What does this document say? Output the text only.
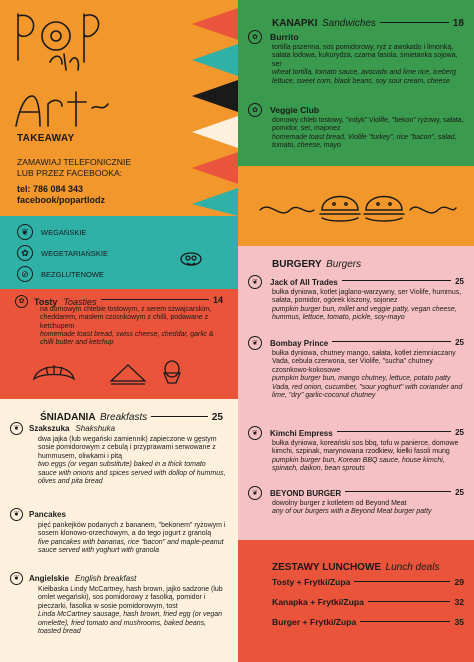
TAKEAWAY
ZAMAWIAJ TELEFONICZNIE
LUB PRZEZ FACEBOOKA:
tel: 786 084 343
facebook/popartlodz
❦	WEGAŃSKIE
✿	WEGETARIAŃSKIE
⊘	BEZGLUTENOWE
✿	Tosty Toasties	14

na domowym chlebie tostowym, z serem szwajcarskim, cheddarem, masłem czosnkowym z chilli, podawane z ketchupem

homemade toast bread, swiss cheese, cheddar, garlic & chilli butter and ketchup

ŚNIADANIA Breakfasts	25
❦	Szakszuka Shakshuka

dwa jajka (lub wegański zamiennik) zapieczone w gęstym sosie pomidorowym z cebulą i przyprawami serwowane z hummusem, oliwkami i pitą

two eggs (or vegan substitute) baked in a thick tomato sauce with onions and spices served with dollop of hummus, olives and pita bread

❦	Pancakes

pięć pankejków podanych z bananem, "bekonem" ryżowym i sosem klonowo-orzechowym, a do tego jogurt z granolą

five pancakes with bananas, rice "bacon" and maple-peanut sauce served with yoghurt with granola

❦	Angielskie English breakfast

Kiełbaska Lindy McCartney, hash brown, jajko sadzone (lub omlet wegański), sos pomidorowy z fasolką, pomidor i pieczarki, fasolka w sosie pomidorowym, tost

Linda McCartney sausage, hash brown, fried egg (or vegan omelette), fried tomato and mushrooms, baked beans, toasted bread

KANAPKI Sandwiches	18
✿	Burrito

tortilla pszenna, sos pomidorowy, ryż z awokado i limonką, sałata lodowa, kukurydza, czarna fasola, śmietanka sojowa, ser

wheat tortilla, tomato sauce, avocado and lime rice, iceberg lettuce, sweet corn, black beans, soy sour cream, cheese

✿	Veggie Club

domowy chleb tostowy, "indyk" Violife, "bekon" ryżowy, sałata, pomidor, ser, majonez

homemade toast bread, Violife "turkey", rice "bacon", salad, tomato, cheese, mayo

BURGERY Burgers
❦	Jack of All Trades	25

bułka dyniowa, kotlet jaglano-warzywny, ser Violife, hummus, sałata, pomidor, ogórek kiszony, sojonez

pumpkin burger bun, millet and veggie patty, vegan cheese, hummus, lettuce, tomato, pickle, soy-mayo

❦	Bombay Prince	25

bułka dyniowa, chutney mango, sałata, kotlet ziemniaczany Vada, cebula czerwona, ser Violife, "sucha" chutney czosnkowo-kokosowe

pumpkin burger bun, mango chutney, lettuce, potato patty Vada, red onion, cucumber, "sour yoghurt" with coriander and lime, "dry" garlic-coconut chutney

❦	Kimchi Empress	25

bułka dyniowa, koreański sos bbq, tofu w panierce, domowe kimchi, szpinak, marynowana rzodkiew, kiełki fasoli mung

pumpkin burger bun, Korean BBQ sauce, house kimchi, spinach, daikon, bean sprouts

❦	BEYOND BURGER	25

dowolny burger z kotletem od Beyond Meat

any of our burgers with a Beyond Meat burger patty

ZESTAWY LUNCHOWE Lunch deals
Tosty + Frytki/Zupa	29
Kanapka + Frytki/Zupa	32
Burger + Frytki/Zupa	35
